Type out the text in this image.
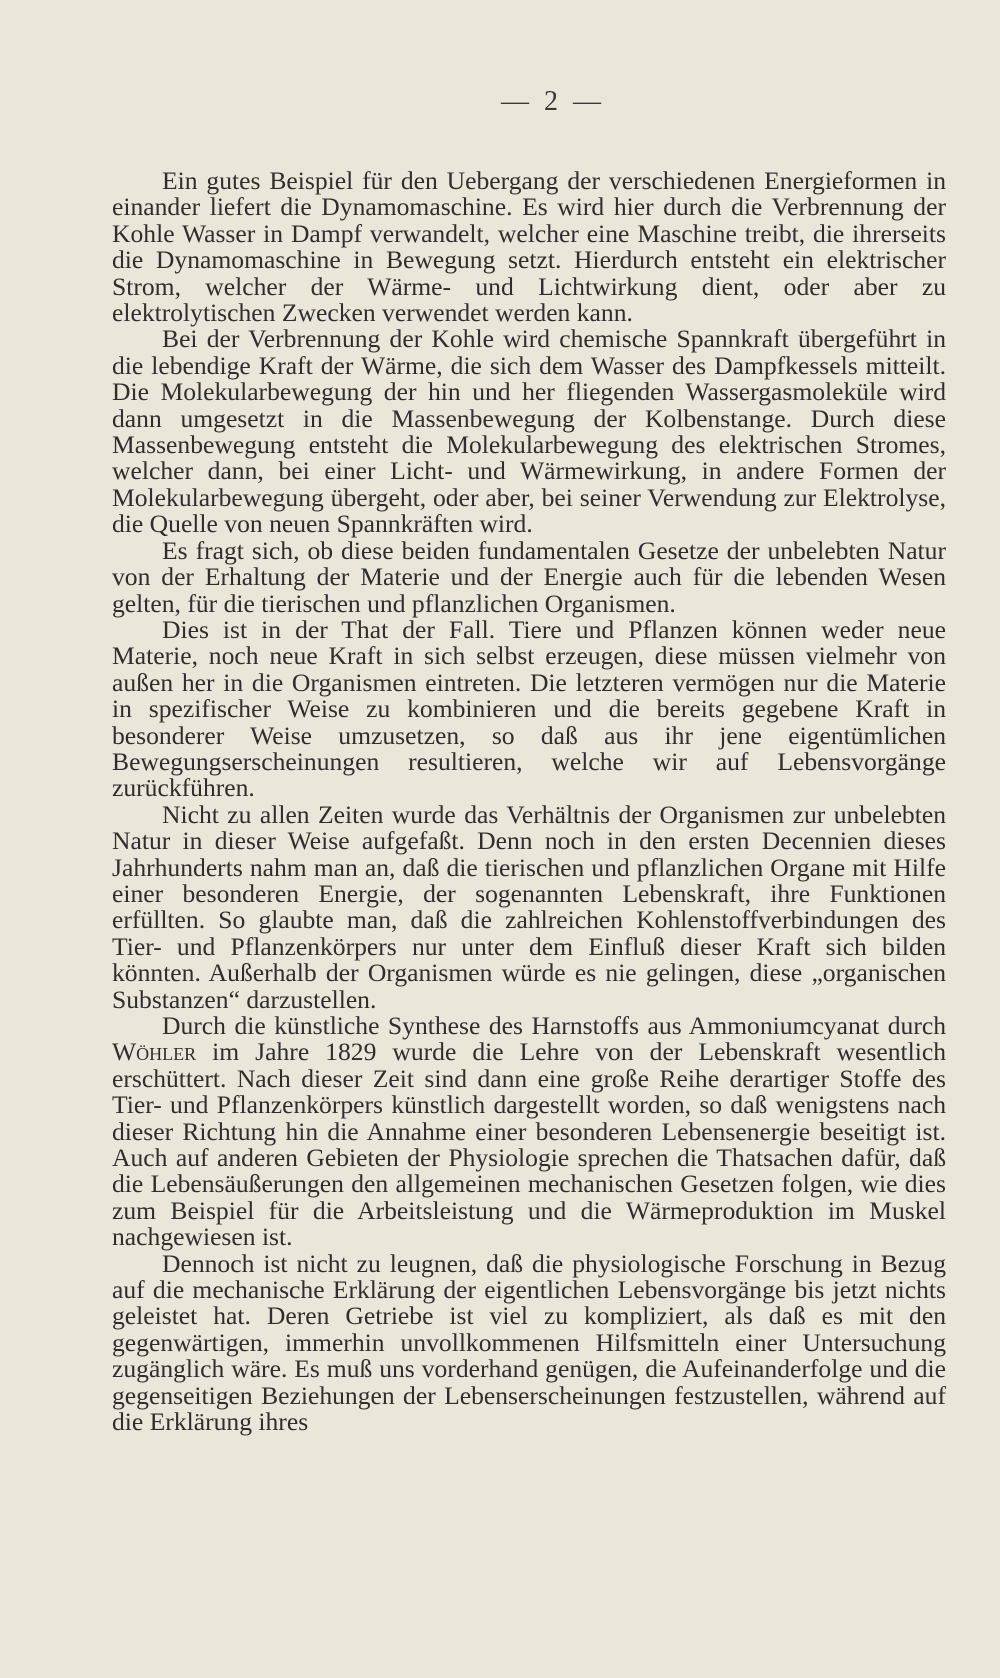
— 2 —

Ein gutes Beispiel für den Uebergang der verschiedenen Energieformen in einander liefert die Dynamomaschine. Es wird hier durch die Verbrennung der Kohle Wasser in Dampf verwandelt, welcher eine Maschine treibt, die ihrerseits die Dynamomaschine in Bewegung setzt. Hierdurch entsteht ein elektrischer Strom, welcher der Wärme- und Lichtwirkung dient, oder aber zu elektrolytischen Zwecken verwendet werden kann.

Bei der Verbrennung der Kohle wird chemische Spannkraft übergeführt in die lebendige Kraft der Wärme, die sich dem Wasser des Dampfkessels mitteilt. Die Molekularbewegung der hin und her fliegenden Wassergasmoleküle wird dann umgesetzt in die Massenbewegung der Kolbenstange. Durch diese Massenbewegung entsteht die Molekularbewegung des elektrischen Stromes, welcher dann, bei einer Licht- und Wärmewirkung, in andere Formen der Molekularbewegung übergeht, oder aber, bei seiner Verwendung zur Elektrolyse, die Quelle von neuen Spannkräften wird.

Es fragt sich, ob diese beiden fundamentalen Gesetze der unbelebten Natur von der Erhaltung der Materie und der Energie auch für die lebenden Wesen gelten, für die tierischen und pflanzlichen Organismen.

Dies ist in der That der Fall. Tiere und Pflanzen können weder neue Materie, noch neue Kraft in sich selbst erzeugen, diese müssen vielmehr von außen her in die Organismen eintreten. Die letzteren vermögen nur die Materie in spezifischer Weise zu kombinieren und die bereits gegebene Kraft in besonderer Weise umzusetzen, so daß aus ihr jene eigentümlichen Bewegungserscheinungen resultieren, welche wir auf Lebensvorgänge zurückführen.

Nicht zu allen Zeiten wurde das Verhältnis der Organismen zur unbelebten Natur in dieser Weise aufgefaßt. Denn noch in den ersten Decennien dieses Jahrhunderts nahm man an, daß die tierischen und pflanzlichen Organe mit Hilfe einer besonderen Energie, der sogenannten Lebenskraft, ihre Funktionen erfüllten. So glaubte man, daß die zahlreichen Kohlenstoffverbindungen des Tier- und Pflanzenkörpers nur unter dem Einfluß dieser Kraft sich bilden könnten. Außerhalb der Organismen würde es nie gelingen, diese „organischen Substanzen“ darzustellen.

Durch die künstliche Synthese des Harnstoffs aus Ammoniumcyanat durch Wöhler im Jahre 1829 wurde die Lehre von der Lebenskraft wesentlich erschüttert. Nach dieser Zeit sind dann eine große Reihe derartiger Stoffe des Tier- und Pflanzenkörpers künstlich dargestellt worden, so daß wenigstens nach dieser Richtung hin die Annahme einer besonderen Lebensenergie beseitigt ist. Auch auf anderen Gebieten der Physiologie sprechen die Thatsachen dafür, daß die Lebensäußerungen den allgemeinen mechanischen Gesetzen folgen, wie dies zum Beispiel für die Arbeitsleistung und die Wärmeproduktion im Muskel nachgewiesen ist.

Dennoch ist nicht zu leugnen, daß die physiologische Forschung in Bezug auf die mechanische Erklärung der eigentlichen Lebensvorgänge bis jetzt nichts geleistet hat. Deren Getriebe ist viel zu kompliziert, als daß es mit den gegenwärtigen, immerhin unvollkommenen Hilfsmitteln einer Untersuchung zugänglich wäre. Es muß uns vorderhand genügen, die Aufeinanderfolge und die gegenseitigen Beziehungen der Lebenserscheinungen festzustellen, während auf die Erklärung ihres
